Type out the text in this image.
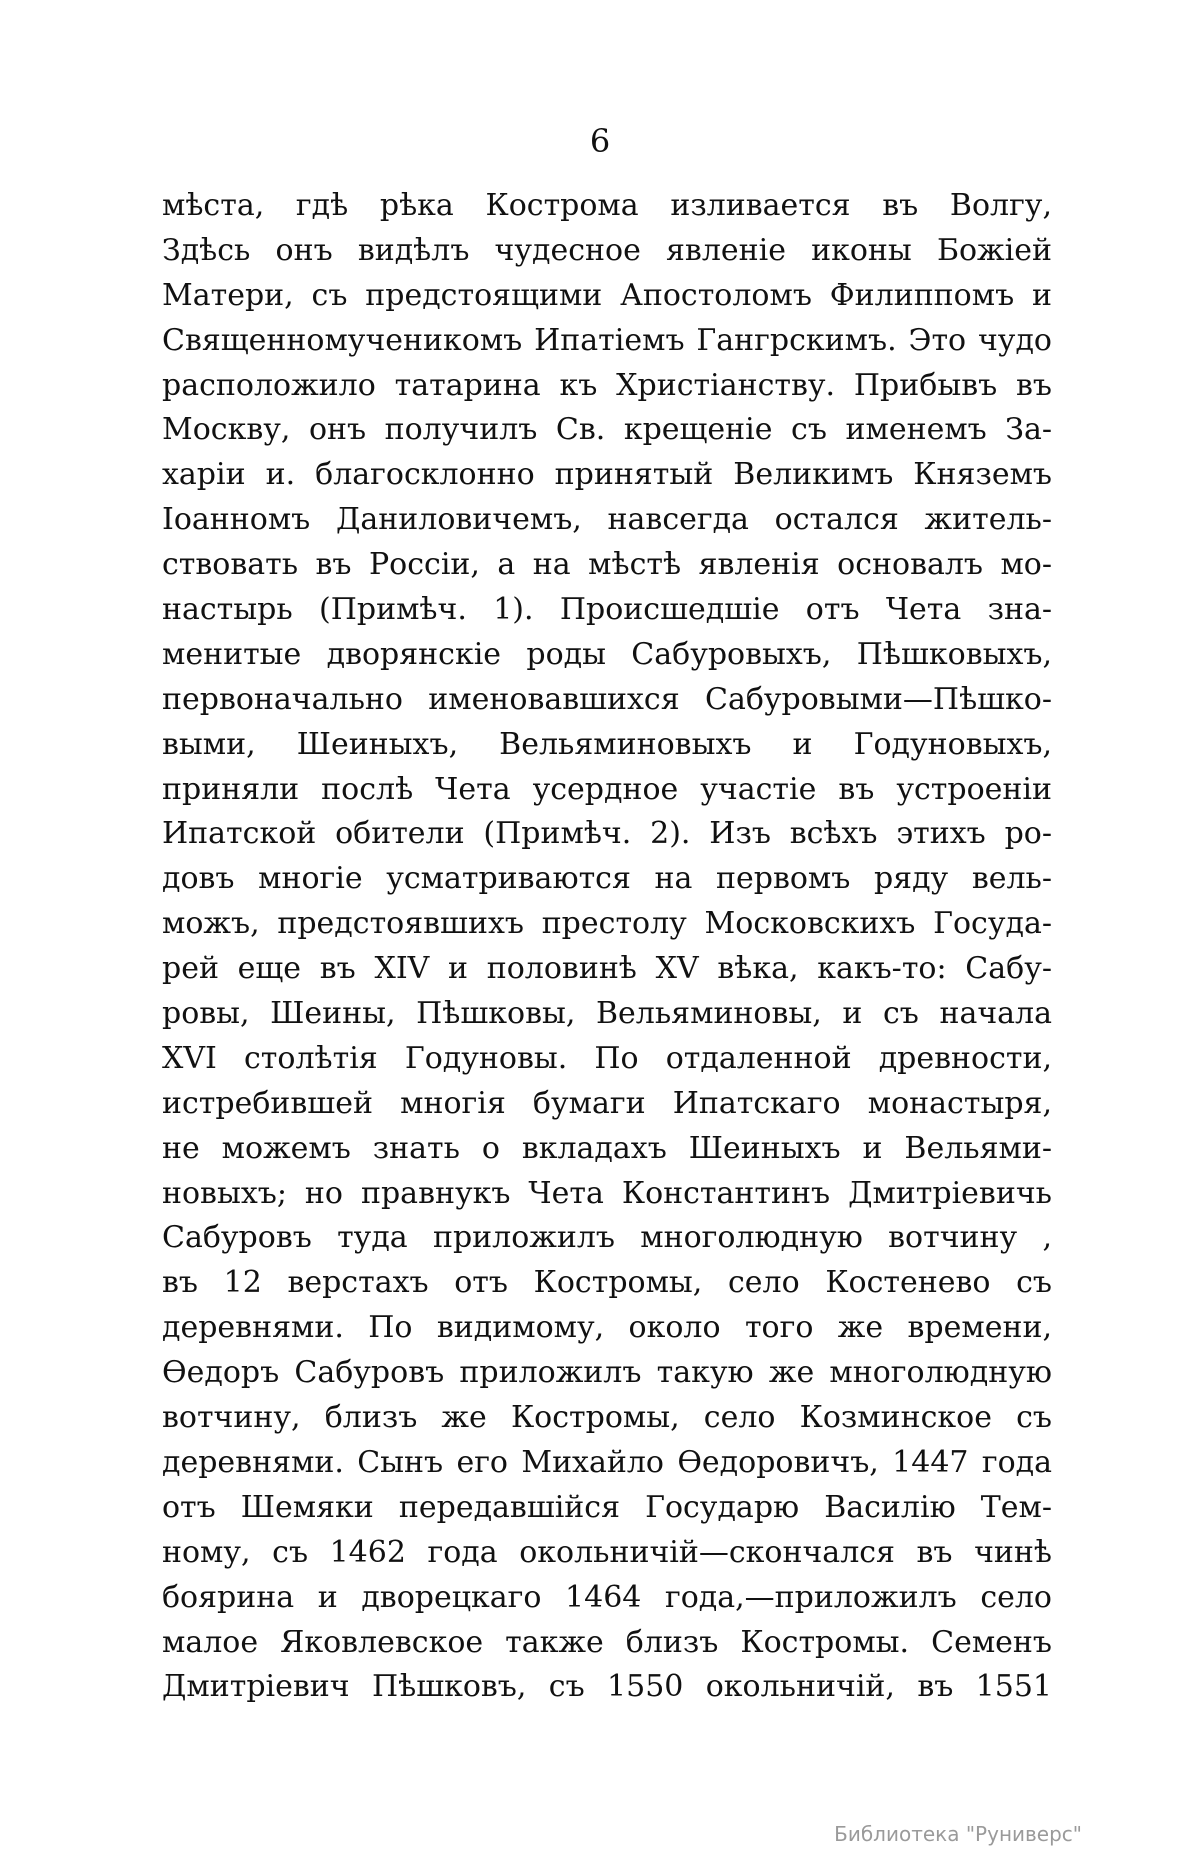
6
мѣста, гдѣ рѣка Кострома изливается въ Волгу,
Здѣсь онъ видѣлъ чудесное явленіе иконы Божіей
Матери, съ предстоящими Апостоломъ Филиппомъ и
Священномученикомъ Ипатіемъ Гангрскимъ. Это чудо
расположило татарина къ Христіанству. Прибывъ въ
Москву, онъ получилъ Св. крещеніе съ именемъ За-
харіи и. благосклонно принятый Великимъ Княземъ
Іоанномъ Даниловичемъ, навсегда остался житель-
ствовать въ Россіи, а на мѣстѣ явленія основалъ мо-
настырь (Примѣч. 1). Происшедшіе отъ Чета зна-
менитые дворянскіе роды Сабуровыхъ, Пѣшковыхъ,
первоначально именовавшихся Сабуровыми—Пѣшко-
выми, Шеиныхъ, Вельяминовыхъ и Годуновыхъ,
приняли послѣ Чета усердное участіе въ устроеніи
Ипатской обители (Примѣч. 2). Изъ всѣхъ этихъ ро-
довъ многіе усматриваются на первомъ ряду вель-
можъ, предстоявшихъ престолу Московскихъ Госуда-
рей еще въ XIV и половинѣ XV вѣка, какъ-то: Сабу-
ровы, Шеины, Пѣшковы, Вельяминовы, и съ начала
XVI столѣтія Годуновы. По отдаленной древности,
истребившей многія бумаги Ипатскаго монастыря,
не можемъ знать о вкладахъ Шеиныхъ и Вельями-
новыхъ; но правнукъ Чета Константинъ Дмитріевичь
Сабуровъ туда приложилъ многолюдную вотчину ,
въ 12 верстахъ отъ Костромы, село Костенево съ
деревнями. По видимому, около того же времени,
Ѳедоръ Сабуровъ приложилъ такую же многолюдную
вотчину, близъ же Костромы, село Козминское съ
деревнями. Сынъ его Михайло Ѳедоровичъ, 1447 года
отъ Шемяки передавшійся Государю Василію Тем-
ному, съ 1462 года окольничій—скончался въ чинѣ
боярина и дворецкаго 1464 года,—приложилъ село
малое Яковлевское также близъ Костромы. Семенъ
Дмитріевич Пѣшковъ, съ 1550 окольничій, въ 1551
Библиотека "Руниверс"
